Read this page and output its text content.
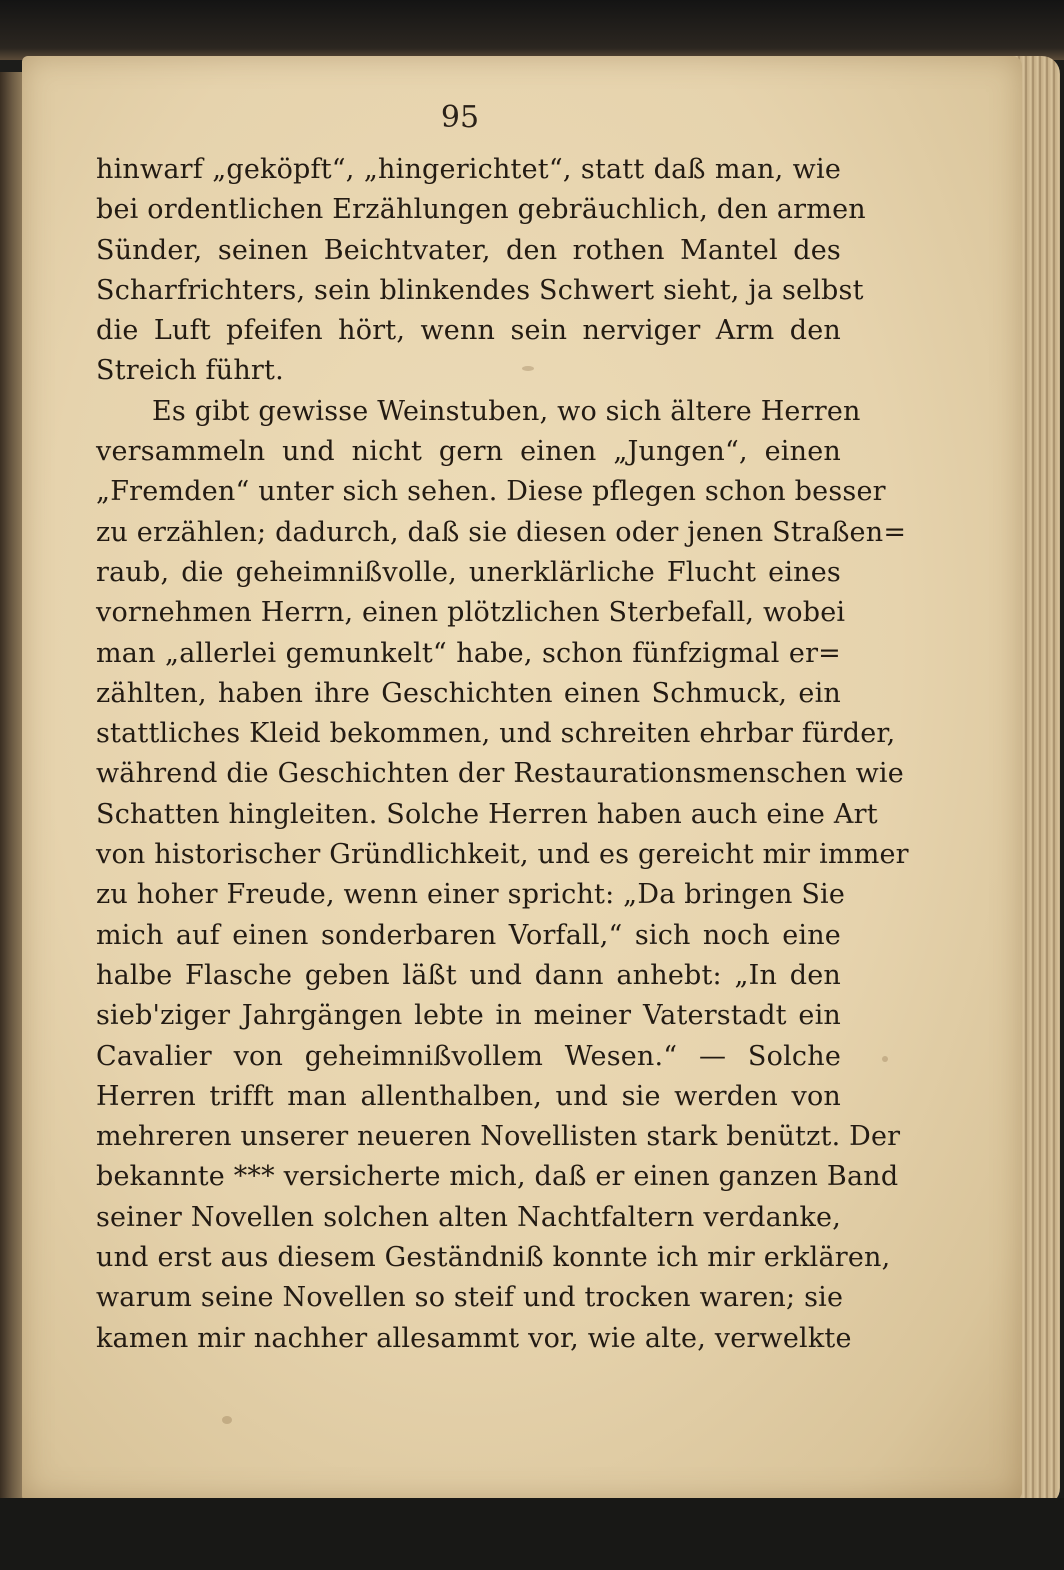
95
hinwarf „geköpft“, „hingerichtet“, statt daß man, wie
bei ordentlichen Erzählungen gebräuchlich, den armen
Sünder, seinen Beichtvater, den rothen Mantel des
Scharfrichters, sein blinkendes Schwert sieht, ja selbst
die Luft pfeifen hört, wenn sein nerviger Arm den
Streich führt.
Es gibt gewisse Weinstuben, wo sich ältere Herren
versammeln und nicht gern einen „Jungen“, einen
„Fremden“ unter sich sehen. Diese pflegen schon besser
zu erzählen; dadurch, daß sie diesen oder jenen Straßen=
raub, die geheimnißvolle, unerklärliche Flucht eines
vornehmen Herrn, einen plötzlichen Sterbefall, wobei
man „allerlei gemunkelt“ habe, schon fünfzigmal er=
zählten, haben ihre Geschichten einen Schmuck, ein
stattliches Kleid bekommen, und schreiten ehrbar fürder,
während die Geschichten der Restaurationsmenschen wie
Schatten hingleiten. Solche Herren haben auch eine Art
von historischer Gründlichkeit, und es gereicht mir immer
zu hoher Freude, wenn einer spricht: „Da bringen Sie
mich auf einen sonderbaren Vorfall,“ sich noch eine
halbe Flasche geben läßt und dann anhebt: „In den
sieb'ziger Jahrgängen lebte in meiner Vaterstadt ein
Cavalier von geheimnißvollem Wesen.“ — Solche
Herren trifft man allenthalben, und sie werden von
mehreren unserer neueren Novellisten stark benützt. Der
bekannte *** versicherte mich, daß er einen ganzen Band
seiner Novellen solchen alten Nachtfaltern verdanke,
und erst aus diesem Geständniß konnte ich mir erklären,
warum seine Novellen so steif und trocken waren; sie
kamen mir nachher allesammt vor, wie alte, verwelkte
